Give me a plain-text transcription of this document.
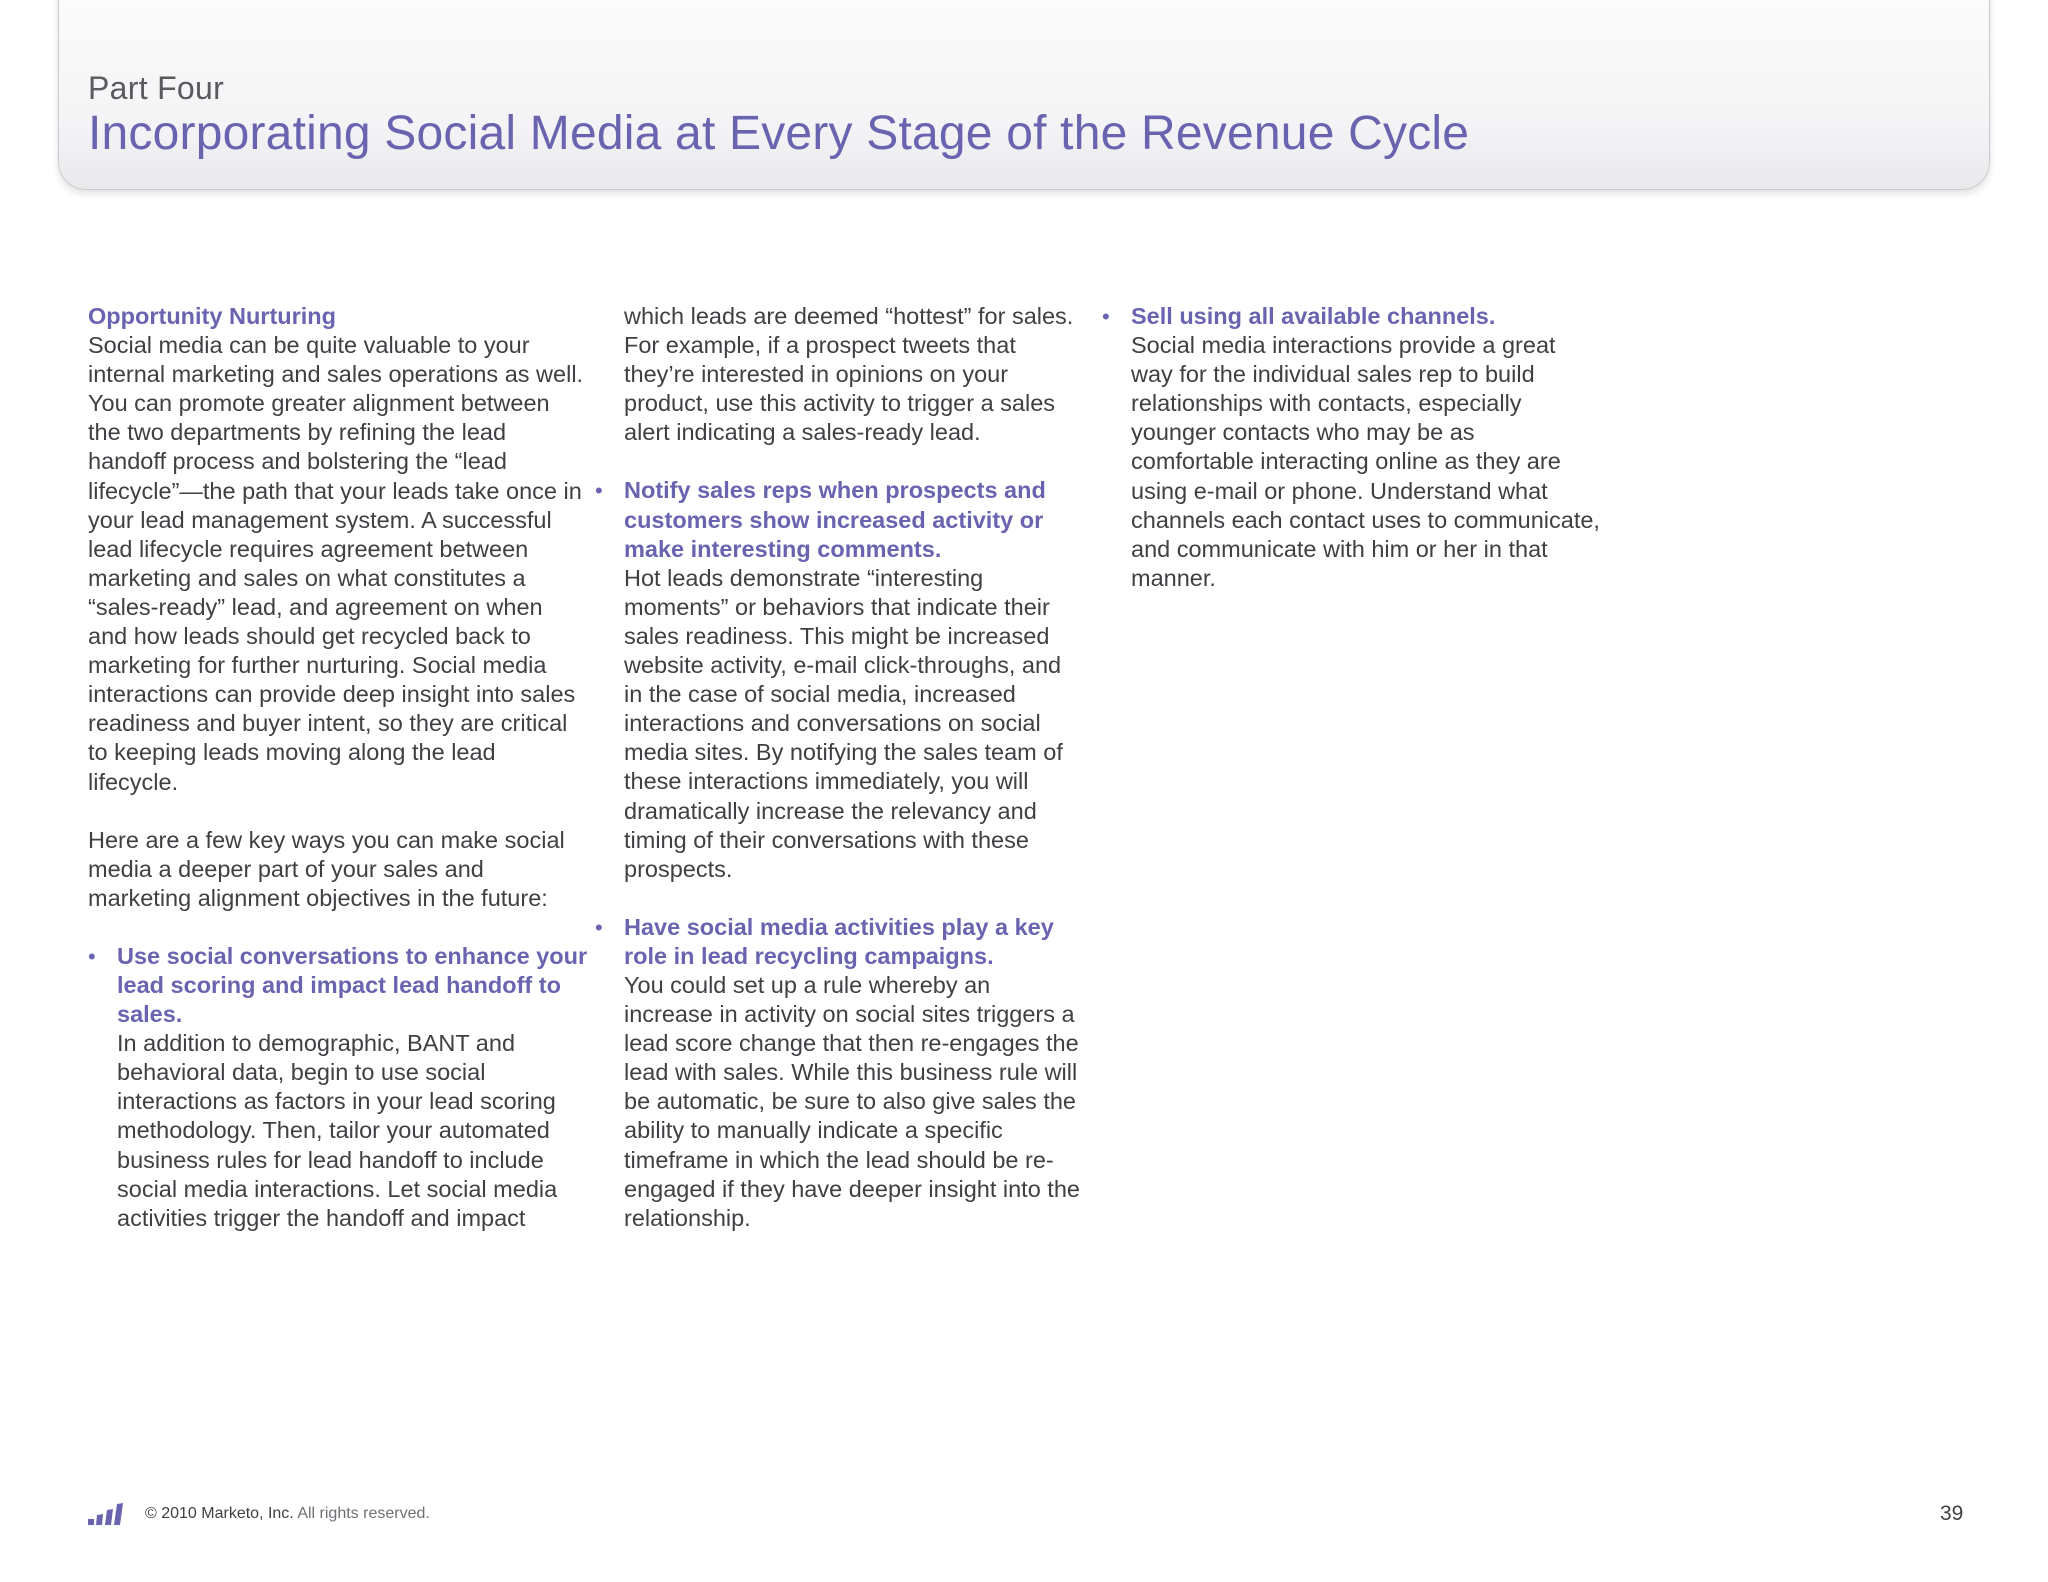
Part Four
Incorporating Social Media at Every Stage of the Revenue Cycle
Opportunity Nurturing

Social media can be quite valuable to your internal marketing and sales operations as well. You can promote greater alignment between the two departments by refining the lead handoff process and bolstering the “lead lifecycle”—the path that your leads take once in your lead management system. A successful lead lifecycle requires agreement between marketing and sales on what constitutes a “sales-ready” lead, and agreement on when and how leads should get recycled back to marketing for further nurturing. Social media interactions can provide deep insight into sales readiness and buyer intent, so they are critical to keeping leads moving along the lead lifecycle.

Here are a few key ways you can make social media a deeper part of your sales and marketing alignment objectives in the future:

• Use social conversations to enhance your lead scoring and impact lead handoff to sales.
In addition to demographic, BANT and behavioral data, begin to use social interactions as factors in your lead scoring methodology. Then, tailor your automated business rules for lead handoff to include social media interactions. Let social media activities trigger the handoff and impact

which leads are deemed “hottest” for sales. For example, if a prospect tweets that they’re interested in opinions on your product, use this activity to trigger a sales alert indicating a sales-ready lead.

• Notify sales reps when prospects and customers show increased activity or make interesting comments.
Hot leads demonstrate “interesting moments” or behaviors that indicate their sales readiness. This might be increased website activity, e-mail click-throughs, and in the case of social media, increased interactions and conversations on social media sites. By notifying the sales team of these interactions immediately, you will dramatically increase the relevancy and timing of their conversations with these prospects.
• Have social media activities play a key role in lead recycling campaigns.
You could set up a rule whereby an increase in activity on social sites triggers a lead score change that then re-engages the lead with sales. While this business rule will be automatic, be sure to also give sales the ability to manually indicate a specific timeframe in which the lead should be re-engaged if they have deeper insight into the relationship.
• Sell using all available channels.
Social media interactions provide a great way for the individual sales rep to build relationships with contacts, especially younger contacts who may be as comfortable interacting online as they are using e-mail or phone. Understand what channels each contact uses to communicate, and communicate with him or her in that manner.
© 2010 Marketo, Inc. All rights reserved.	39
